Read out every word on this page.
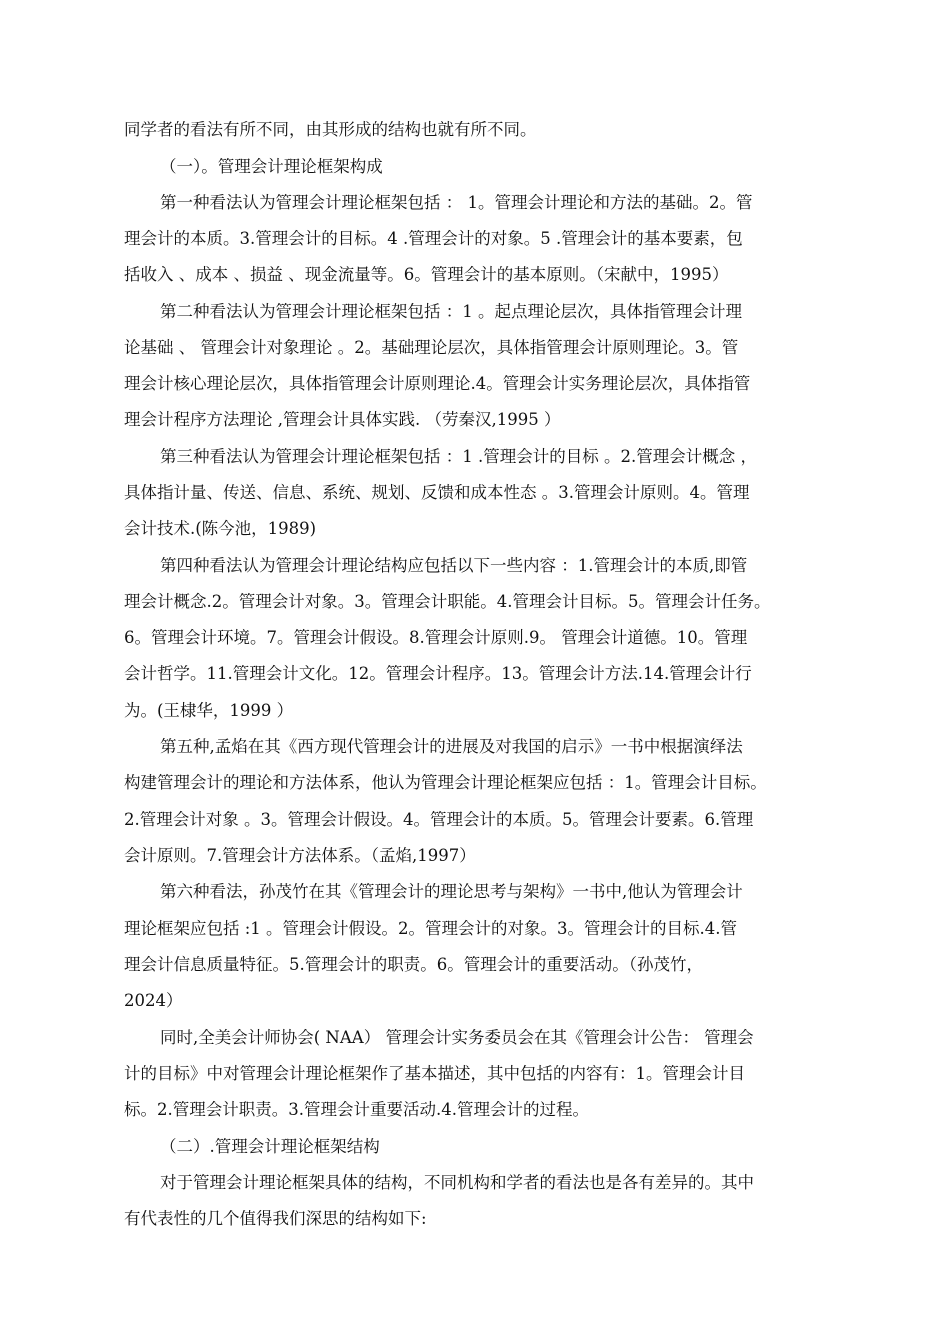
同学者的看法有所不同，由其形成的结构也就有所不同。
（一）。管理会计理论框架构成
第一种看法认为管理会计理论框架包括 ： 1。管理会计理论和方法的基础。2。管
理会计的本质。3.管理会计的目标。4 .管理会计的对象。5 .管理会计的基本要素，包
括收入 、成本 、损益 、现金流量等。6。管理会计的基本原则。（宋献中，1995）
第二种看法认为管理会计理论框架包括 ：1 。起点理论层次，具体指管理会计理
论基础 、 管理会计对象理论 。2。基础理论层次，具体指管理会计原则理论。3。管
理会计核心理论层次，具体指管理会计原则理论.4。管理会计实务理论层次，具体指管
理会计程序方法理论 ,管理会计具体实践. （劳秦汉,1995 ）
第三种看法认为管理会计理论框架包括 ：1 .管理会计的目标 。2.管理会计概念 ，
具体指计量、传送、信息、系统、规划、反馈和成本性态 。3.管理会计原则。4。管理
会计技术.(陈今池，1989)
第四种看法认为管理会计理论结构应包括以下一些内容 ：1.管理会计的本质,即管
理会计概念.2。管理会计对象。3。管理会计职能。4.管理会计目标。5。管理会计任务。
6。管理会计环境。7。管理会计假设。8.管理会计原则.9。 管理会计道德。10。管理
会计哲学。11.管理会计文化。12。管理会计程序。13。管理会计方法.14.管理会计行
为。(王棣华，1999 ）
第五种,孟焰在其《西方现代管理会计的进展及对我国的启示》一书中根据演绎法
构建管理会计的理论和方法体系，他认为管理会计理论框架应包括 ：1。管理会计目标。
2.管理会计对象 。3。管理会计假设。4。管理会计的本质。5。管理会计要素。6.管理
会计原则。7.管理会计方法体系。（孟焰,1997）
第六种看法，孙茂竹在其《管理会计的理论思考与架构》一书中,他认为管理会计
理论框架应包括 :1 。管理会计假设。2。管理会计的对象。3。管理会计的目标.4.管
理会计信息质量特征。5.管理会计的职责。6。管理会计的重要活动。（孙茂竹，
2024）
同时,全美会计师协会( NAA） 管理会计实务委员会在其《管理会计公告： 管理会
计的目标》中对管理会计理论框架作了基本描述，其中包括的内容有：1。管理会计目
标。2.管理会计职责。3.管理会计重要活动.4.管理会计的过程。
（二）.管理会计理论框架结构
对于管理会计理论框架具体的结构，不同机构和学者的看法也是各有差异的。其中
有代表性的几个值得我们深思的结构如下:
